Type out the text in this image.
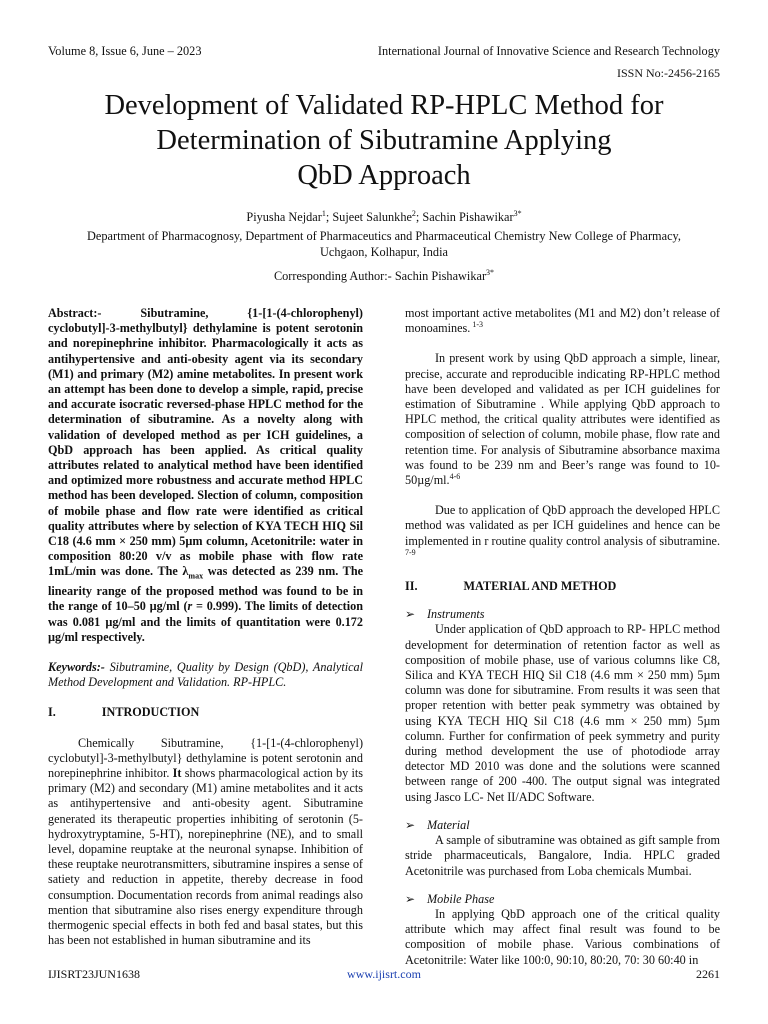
Volume 8, Issue 6, June – 2023	International Journal of Innovative Science and Research Technology
ISSN No:-2456-2165
Development of Validated RP-HPLC Method for
Determination of Sibutramine Applying
QbD Approach
Piyusha Nejdar$^1$; Sujeet Salunkhe$^2$; Sachin Pishawikar$^{3*}$
Department of Pharmacognosy, Department of Pharmaceutics and Pharmaceutical Chemistry New College of Pharmacy,
Uchgaon, Kolhapur, India
Corresponding Author:- Sachin Pishawikar$^{3*}$

Abstract:- Sibutramine, {1-[1-(4-chlorophenyl) cyclobutyl]-3-methylbutyl} dethylamine is potent serotonin and norepinephrine inhibitor. Pharmacologically it acts as antihypertensive and anti-obesity agent via its secondary (M1) and primary (M2) amine metabolites. In present work an attempt has been done to develop a simple, rapid, precise and accurate isocratic reversed-phase HPLC method for the determination of sibutramine. As a novelty along with validation of developed method as per ICH guidelines, a QbD approach has been applied. As critical quality attributes related to analytical method have been identified and optimized more robustness and accurate method HPLC method has been developed. Slection of column, composition of mobile phase and flow rate were identified as critical quality attributes where by selection of KYA TECH HIQ Sil C18 (4.6 mm × 250 mm) 5µm column, Acetonitrile: water in composition 80:20 v/v as mobile phase with flow rate 1mL/min was done. The $\lambda_{max}$ was detected as 239 nm. The linearity range of the proposed method was found to be in the range of 10–50 µg/ml (r = 0.999). The limits of detection was 0.081 µg/ml and the limits of quantitation were 0.172 µg/ml respectively.

Keywords:- Sibutramine, Quality by Design (QbD), Analytical Method Development and Validation. RP-HPLC.

I.	INTRODUCTION

Chemically Sibutramine, {1-[1-(4-chlorophenyl) cyclobutyl]-3-methylbutyl} dethylamine is potent serotonin and norepinephrine inhibitor. It shows pharmacological action by its primary (M2) and secondary (M1) amine metabolites and it acts as antihypertensive and anti-obesity agent. Sibutramine generated its therapeutic properties inhibiting of serotonin (5-hydroxytryptamine, 5-HT), norepinephrine (NE), and to small level, dopamine reuptake at the neuronal synapse. Inhibition of these reuptake neurotransmitters, sibutramine inspires a sense of satiety and reduction in appetite, thereby decrease in food consumption. Documentation records from animal readings also mention that sibutramine also rises energy expenditure through thermogenic special effects in both fed and basal states, but this has been not established in human sibutramine and its

most important active metabolites (M1 and M2) don’t release of monoamines. $^{1-3}$

In present work by using QbD approach a simple, linear, precise, accurate and reproducible indicating RP-HPLC method have been developed and validated as per ICH guidelines for estimation of Sibutramine . While applying QbD approach to HPLC method, the critical quality attributes were identified as composition of selection of column, mobile phase, flow rate and retention time. For analysis of Sibutramine absorbance maxima was found to be 239 nm and Beer’s range was found to 10-50µg/ml.$^{4-6}$

Due to application of QbD approach the developed HPLC method was validated as per ICH guidelines and hence can be implemented in r routine quality control analysis of sibutramine. $^{7-9}$

II.	MATERIAL AND METHOD

➢ Instruments

Under application of QbD approach to RP- HPLC method development for determination of retention factor as well as composition of mobile phase, use of various columns like C8, Silica and KYA TECH HIQ Sil C18 (4.6 mm × 250 mm) 5µm column was done for sibutramine. From results it was seen that proper retention with better peak symmetry was obtained by using KYA TECH HIQ Sil C18 (4.6 mm × 250 mm) 5µm column. Further for confirmation of peek symmetry and purity during method development the use of photodiode array detector MD 2010 was done and the solutions were scanned between range of 200 -400. The output signal was integrated using Jasco LC- Net II/ADC Software.

➢ Material

A sample of sibutramine was obtained as gift sample from stride pharmaceuticals, Bangalore, India. HPLC graded Acetonitrile was purchased from Loba chemicals Mumbai.

➢ Mobile Phase

In applying QbD approach one of the critical quality attribute which may affect final result was found to be composition of mobile phase. Various combinations of Acetonitrile: Water like 100:0, 90:10, 80:20, 70: 30 60:40 in

IJISRT23JUN1638	www.ijisrt.com	2261
